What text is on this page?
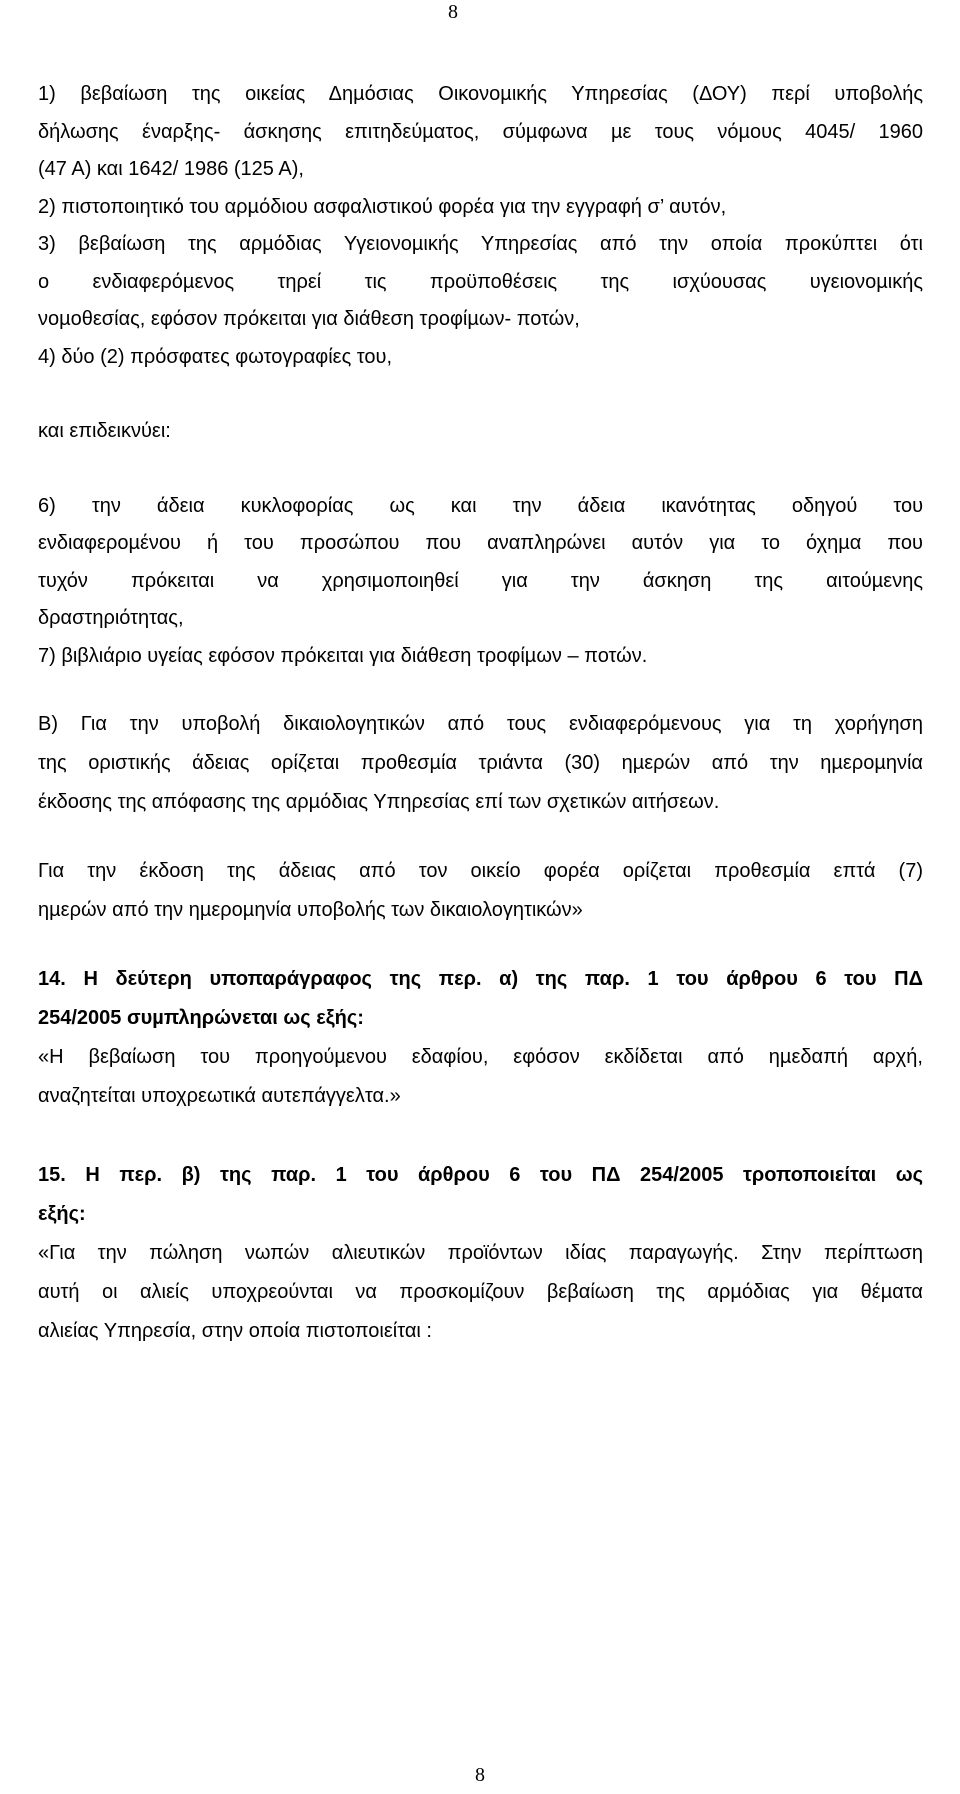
8
1) βεβαίωση της οικείας Δηµόσιας Οικονοµικής Υπηρεσίας (ΔΟΥ) περί υποβολής
δήλωσης έναρξης- άσκησης επιτηδεύµατος, σύµφωνα µε τους νόµους 4045/ 1960
(47 Α) και 1642/ 1986 (125 Α),
2) πιστοποιητικό του αρµόδιου ασφαλιστικού φορέα για την εγγραφή σ’ αυτόν,
3) βεβαίωση της αρµόδιας Υγειονοµικής Υπηρεσίας από την οποία προκύπτει ότι
ο ενδιαφερόµενος τηρεί τις προϋποθέσεις της ισχύουσας υγειονοµικής
νοµοθεσίας, εφόσον πρόκειται για διάθεση τροφίµων- ποτών,
4) δύο (2) πρόσφατες φωτογραφίες του,
και επιδεικνύει:
6) την άδεια κυκλοφορίας ως και την άδεια ικανότητας οδηγού του
ενδιαφεροµένου ή του προσώπου που αναπληρώνει αυτόν για το όχηµα που
τυχόν πρόκειται να χρησιµοποιηθεί για την άσκηση της αιτούµενης
δραστηριότητας,
7) βιβλιάριο υγείας εφόσον πρόκειται για διάθεση τροφίµων – ποτών.
Β) Για την υποβολή δικαιολογητικών από τους ενδιαφερόµενους για τη χορήγηση
της οριστικής άδειας ορίζεται προθεσµία τριάντα (30) ηµερών από την ηµεροµηνία
έκδοσης της απόφασης της αρµόδιας Υπηρεσίας επί των σχετικών αιτήσεων.
Για την έκδοση της άδειας από τον οικείο φορέα ορίζεται προθεσµία επτά (7)
ηµερών από την ηµεροµηνία υποβολής των δικαιολογητικών»
14. Η δεύτερη υποπαράγραφος της περ. α) της παρ. 1 του άρθρου 6 του ΠΔ
254/2005 συµπληρώνεται ως εξής:
«Η βεβαίωση του προηγούµενου εδαφίου, εφόσον εκδίδεται από ηµεδαπή αρχή,
αναζητείται υποχρεωτικά αυτεπάγγελτα.»
15. Η περ. β) της παρ. 1 του άρθρου 6 του ΠΔ 254/2005 τροποποιείται ως
εξής:
«Για την πώληση νωπών αλιευτικών προϊόντων ιδίας παραγωγής. Στην περίπτωση
αυτή οι αλιείς υποχρεούνται να προσκοµίζουν βεβαίωση της αρµόδιας για θέµατα
αλιείας Υπηρεσία, στην οποία πιστοποιείται :
8
